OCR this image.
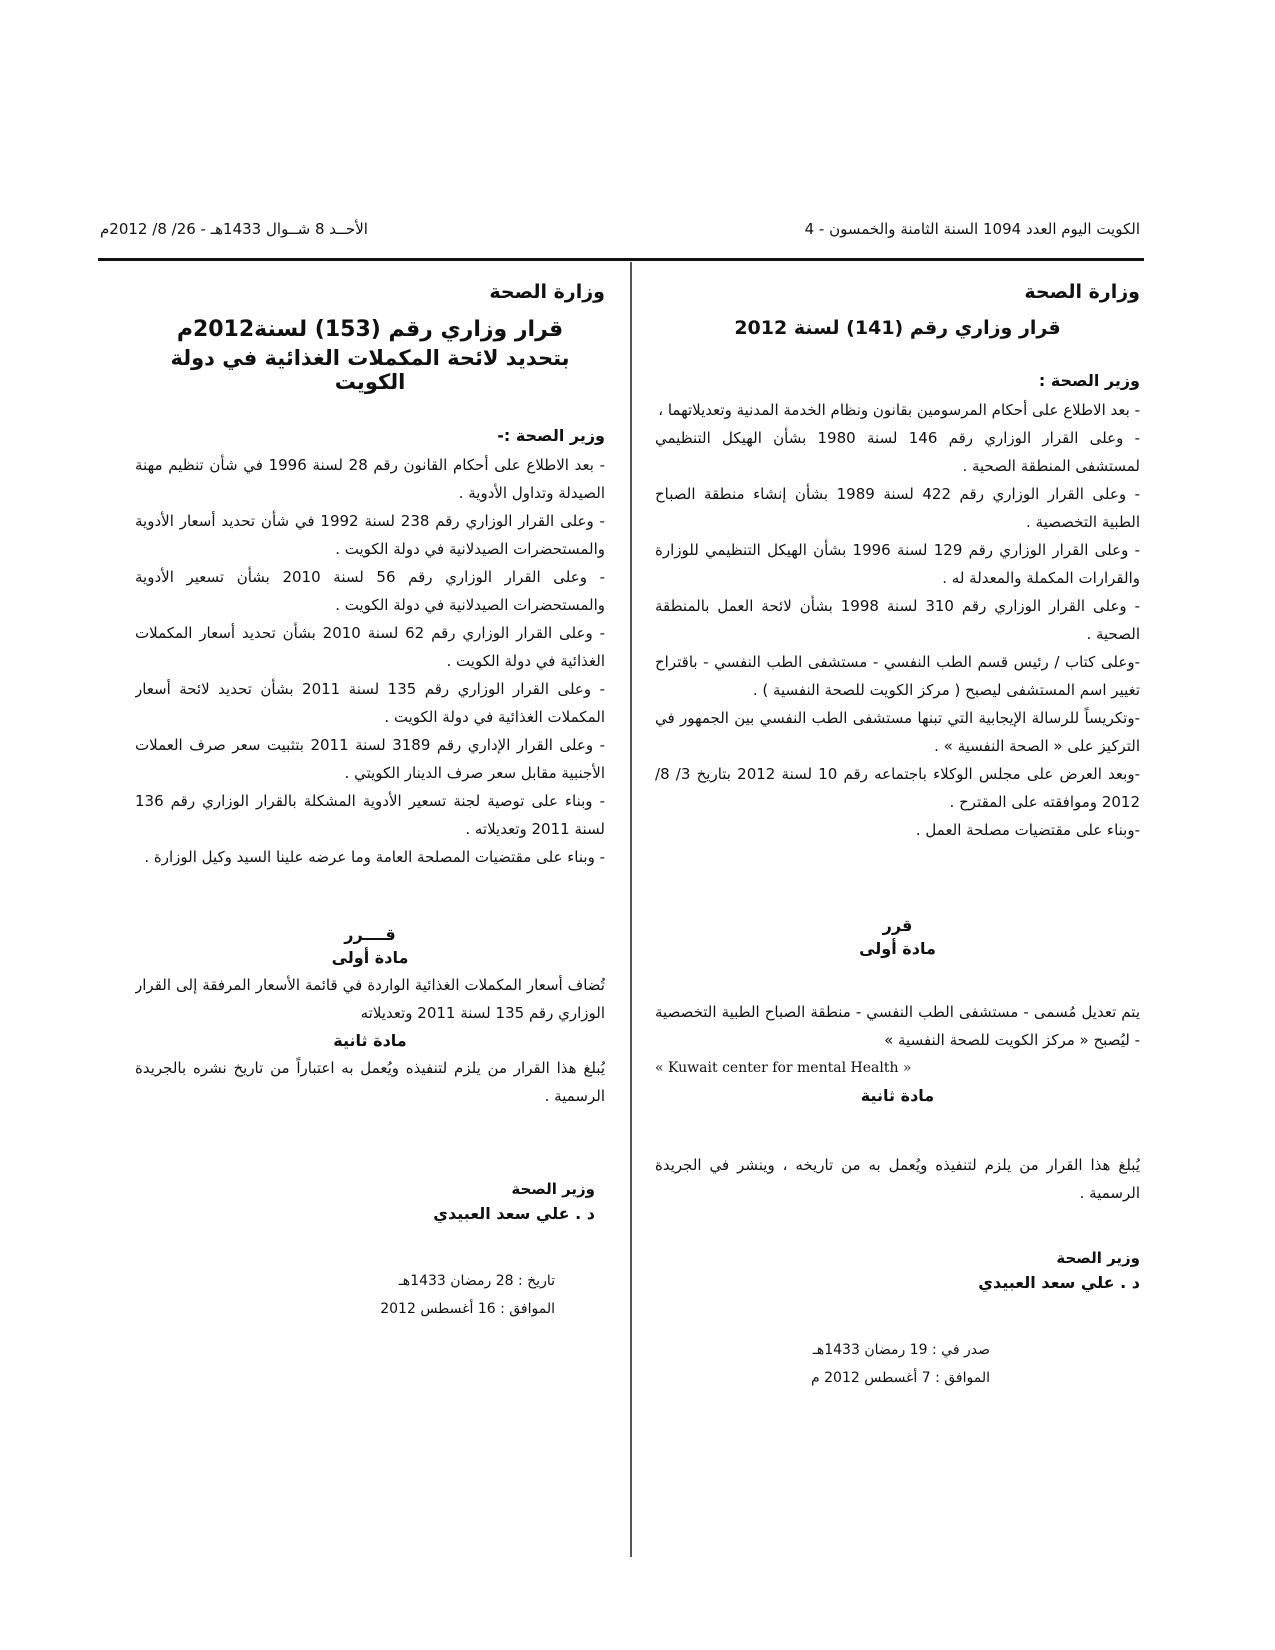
الكويت اليوم العدد 1094 السنة الثامنة والخمسون - 4
الأحــد 8 شــوال 1433هـ - 26/ 8/ 2012م
وزارة الصحة
قرار وزاري رقم (141) لسنة 2012
وزير الصحة :

- بعد الاطلاع على أحكام المرسومين بقانون ونظام الخدمة المدنية وتعديلاتهما ،

- وعلى القرار الوزاري رقم 146 لسنة 1980 بشأن الهيكل التنظيمي لمستشفى المنطقة الصحية .

- وعلى القرار الوزاري رقم 422 لسنة 1989 بشأن إنشاء منطقة الصباح الطبية التخصصية .

- وعلى القرار الوزاري رقم 129 لسنة 1996 بشأن الهيكل التنظيمي للوزارة والقرارات المكملة والمعدلة له .

- وعلى القرار الوزاري رقم 310 لسنة 1998 بشأن لائحة العمل بالمنطقة الصحية .

-وعلى كتاب / رئيس قسم الطب النفسي - مستشفى الطب النفسي - باقتراح تغيير اسم المستشفى ليصبح ( مركز الكويت للصحة النفسية ) .

-وتكريساً للرسالة الإيجابية التي تبنها مستشفى الطب النفسي بين الجمهور في التركيز على « الصحة النفسية » .

-وبعد العرض على مجلس الوكلاء باجتماعه رقم 10 لسنة 2012 بتاريخ 3/ 8/ 2012 وموافقته على المقترح .

-وبناء على مقتضيات مصلحة العمل .

قرر
مادة أولى

يتم تعديل مُسمى - مستشفى الطب النفسي - منطقة الصباح الطبية التخصصية - ليُصبح « مركز الكويت للصحة النفسية »

« Kuwait center for mental Health »

مادة ثانية

يُبلغ هذا القرار من يلزم لتنفيذه ويُعمل به من تاريخه ، وينشر في الجريدة الرسمية .

وزير الصحة

د . علي سعد العبيدي

صدر في : 19 رمضان 1433هـ

الموافق : 7 أغسطس 2012 م

وزارة الصحة
قرار وزاري رقم (153) لسنة2012م
بتحديد لائحة المكملات الغذائية في دولة الكويت
وزير الصحة :-

- بعد الاطلاع على أحكام القانون رقم 28 لسنة 1996 في شأن تنظيم مهنة الصيدلة وتداول الأدوية .

- وعلى القرار الوزاري رقم 238 لسنة 1992 في شأن تحديد أسعار الأدوية والمستحضرات الصيدلانية في دولة الكويت .

- وعلى القرار الوزاري رقم 56 لسنة 2010 بشأن تسعير الأدوية والمستحضرات الصيدلانية في دولة الكويت .

- وعلى القرار الوزاري رقم 62 لسنة 2010 بشأن تحديد أسعار المكملات الغذائية في دولة الكويت .

- وعلى القرار الوزاري رقم 135 لسنة 2011 بشأن تحديد لائحة أسعار المكملات الغذائية في دولة الكويت .

- وعلى القرار الإداري رقم 3189 لسنة 2011 بتثبيت سعر صرف العملات الأجنبية مقابل سعر صرف الدينار الكويتي .

- وبناء على توصية لجنة تسعير الأدوية المشكلة بالقرار الوزاري رقم 136 لسنة 2011 وتعديلاته .

- وبناء على مقتضيات المصلحة العامة وما عرضه علينا السيد وكيل الوزارة .

قــــرر
مادة أولى

تُضاف أسعار المكملات الغذائية الواردة في قائمة الأسعار المرفقة إلى القرار الوزاري رقم 135 لسنة 2011 وتعديلاته

مادة ثانية

يُبلغ هذا القرار من يلزم لتنفيذه ويُعمل به اعتباراً من تاريخ نشره بالجريدة الرسمية .

وزير الصحة

د . علي سعد العبيدي

تاريخ : 28 رمضان 1433هـ

الموافق : 16 أغسطس 2012
